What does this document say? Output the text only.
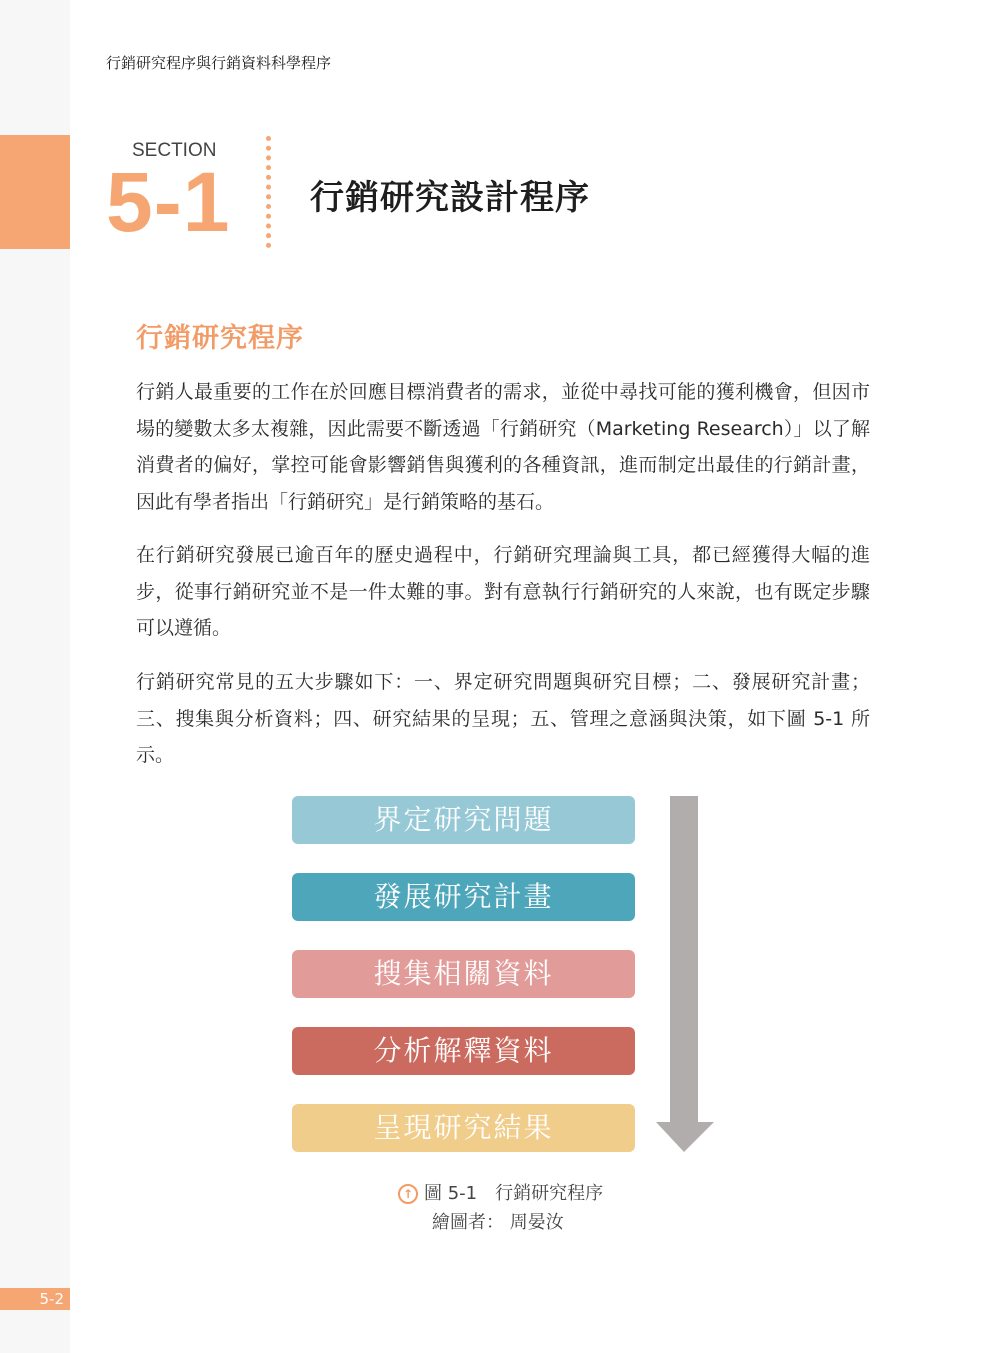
5-2
行銷研究程序與行銷資料科學程序
SECTION
5-1 行銷研究設計程序
行銷研究程序

行銷人最重要的工作在於回應目標消費者的需求，並從中尋找可能的獲利機會，但因市場的變數太多太複雜，因此需要不斷透過「行銷研究（Marketing Research）」以了解消費者的偏好，掌控可能會影響銷售與獲利的各種資訊，進而制定出最佳的行銷計畫，因此有學者指出「行銷研究」是行銷策略的基石。

在行銷研究發展已逾百年的歷史過程中，行銷研究理論與工具，都已經獲得大幅的進步，從事行銷研究並不是一件太難的事。對有意執行行銷研究的人來說，也有既定步驟可以遵循。

行銷研究常見的五大步驟如下：一、界定研究問題與研究目標；二、發展研究計畫；三、搜集與分析資料；四、研究結果的呈現；五、管理之意涵與決策，如下圖 5-1 所示。

界定研究問題
發展研究計畫
搜集相關資料
分析解釋資料
呈現研究結果
↑ 圖 5-1 行銷研究程序
繪圖者： 周晏汝
